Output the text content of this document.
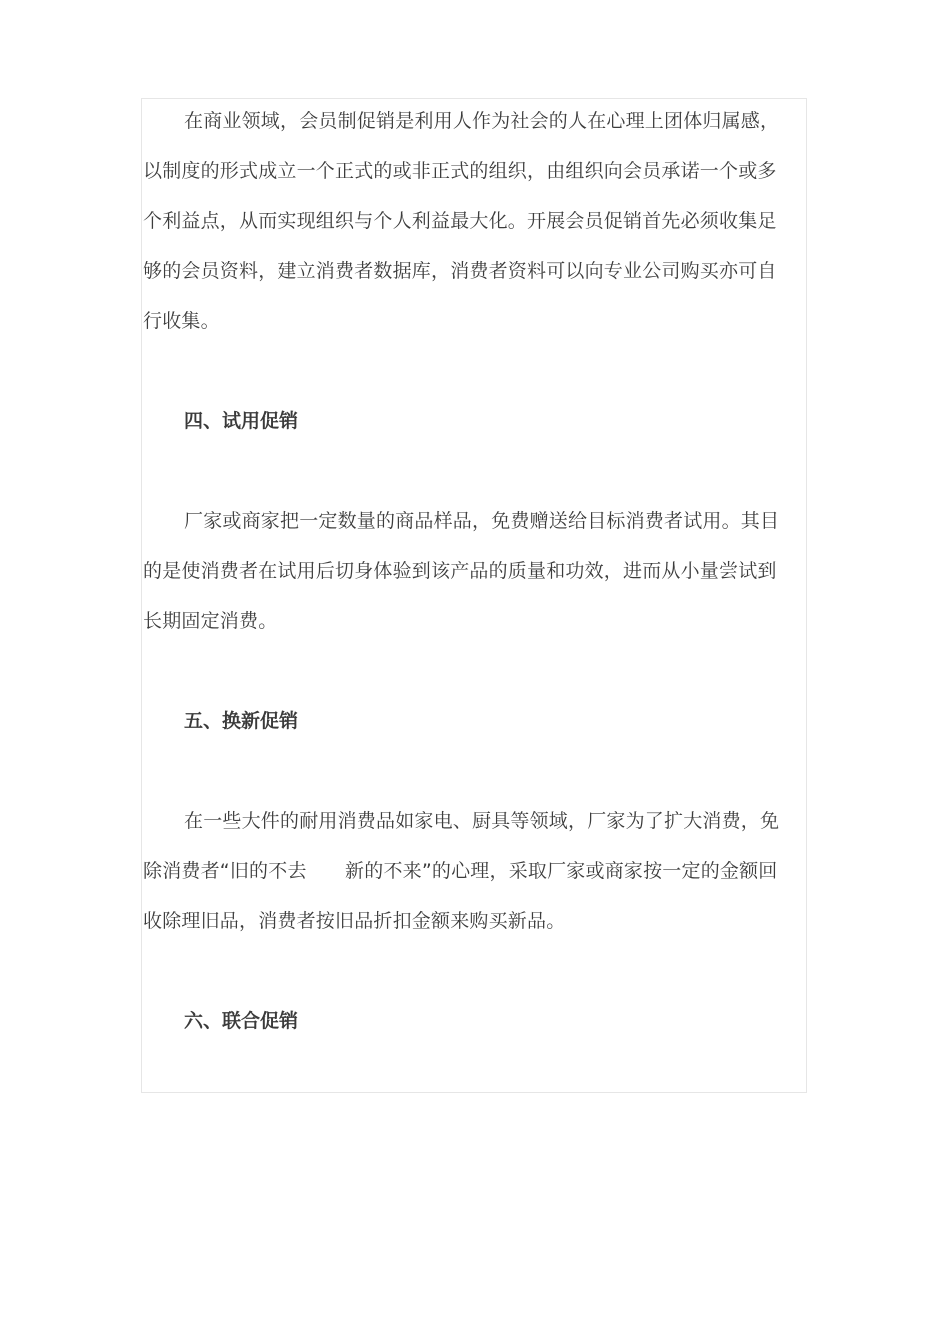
在商业领域，会员制促销是利用人作为社会的人在心理上团体归属感，以制度的形式成立一个正式的或非正式的组织，由组织向会员承诺一个或多个利益点，从而实现组织与个人利益最大化。开展会员促销首先必须收集足够的会员资料，建立消费者数据库，消费者资料可以向专业公司购买亦可自行收集。

四、试用促销

厂家或商家把一定数量的商品样品，免费赠送给目标消费者试用。其目的是使消费者在试用后切身体验到该产品的质量和功效，进而从小量尝试到长期固定消费。

五、换新促销

在一些大件的耐用消费品如家电、厨具等领域，厂家为了扩大消费，免除消费者“旧的不去　　新的不来”的心理，采取厂家或商家按一定的金额回收除理旧品，消费者按旧品折扣金额来购买新品。

六、联合促销
